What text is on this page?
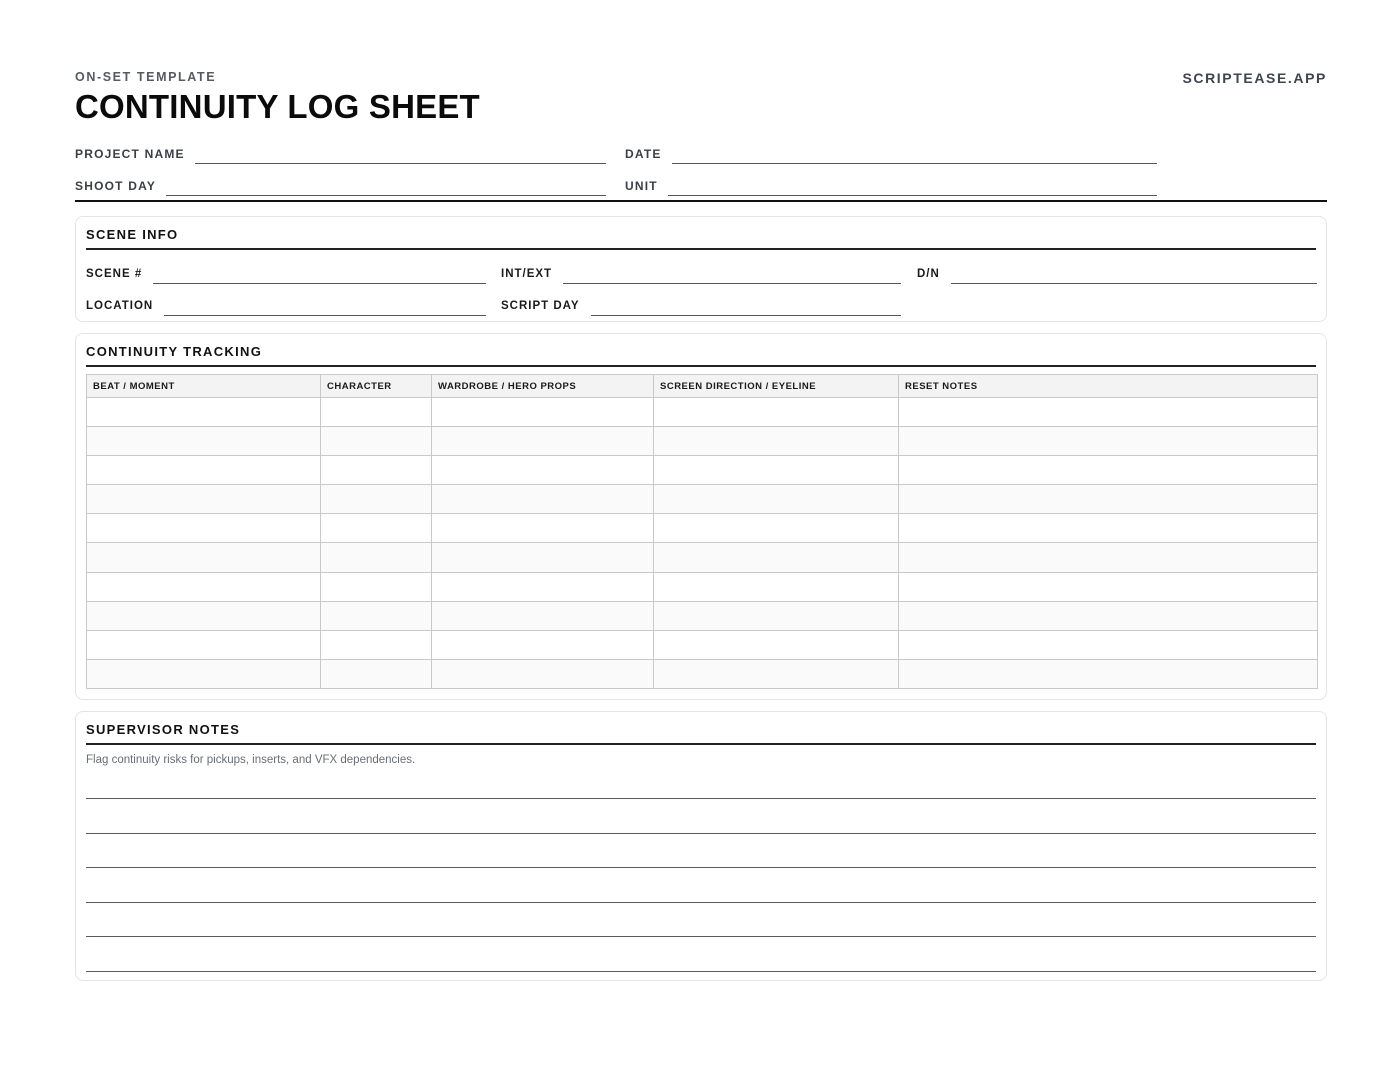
ON-SET TEMPLATE	SCRIPTEASE.APP
CONTINUITY LOG SHEET
PROJECT NAME	DATE
SHOOT DAY	UNIT
SCENE INFO
SCENE #	INT/EXT	D/N
LOCATION	SCRIPT DAY
CONTINUITY TRACKING
BEAT / MOMENT	CHARACTER	WARDROBE / HERO PROPS	SCREEN DIRECTION / EYELINE	RESET NOTES

SUPERVISOR NOTES
Flag continuity risks for pickups, inserts, and VFX dependencies.
